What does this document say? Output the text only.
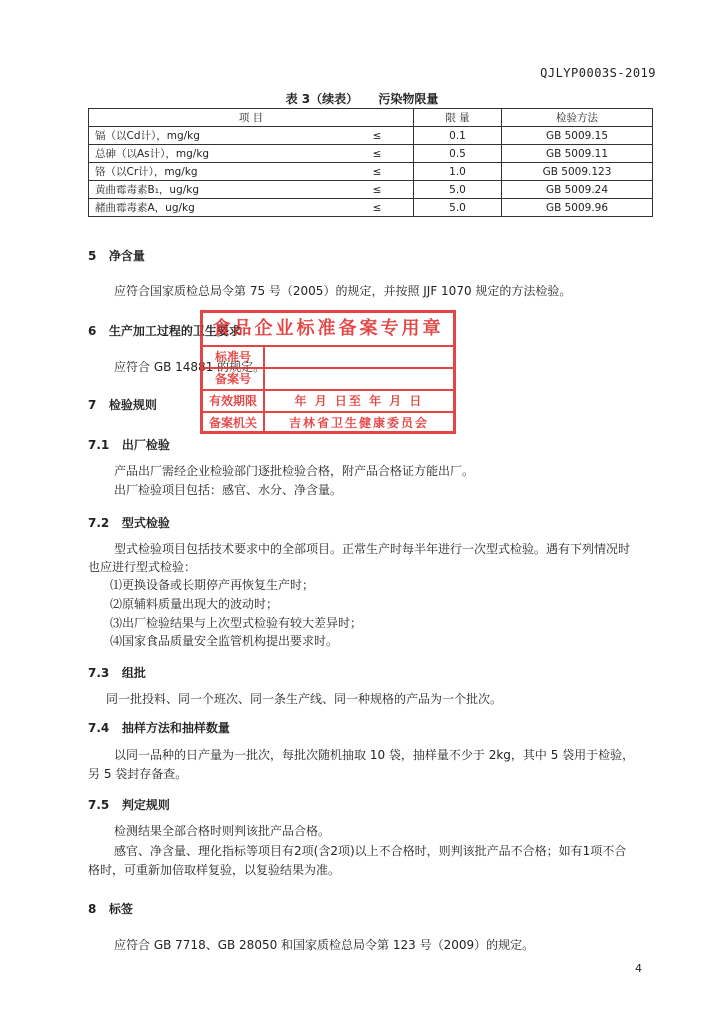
QJLYP0003S-2019
表 3（续表） 污染物限量
项 目		限 量	检验方法
镉（以Cd计），mg/kg	≤	0.1	GB 5009.15
总砷（以As计），mg/kg	≤	0.5	GB 5009.11
铬（以Cr计），mg/kg	≤	1.0	GB 5009.123
黄曲霉毒素B₁，ug/kg	≤	5.0	GB 5009.24
赭曲霉毒素A，ug/kg	≤	5.0	GB 5009.96
5 净含量
应符合国家质检总局令第 75 号（2005）的规定，并按照 JJF 1070 规定的方法检验。
6 生产加工过程的卫生要求
应符合 GB 14881 的规定。
7 检验规则
7.1 出厂检验
产品出厂需经企业检验部门逐批检验合格，附产品合格证方能出厂。
出厂检验项目包括：感官、水分、净含量。
7.2 型式检验
型式检验项目包括技术要求中的全部项目。正常生产时每半年进行一次型式检验。遇有下列情况时
也应进行型式检验：
⑴更换设备或长期停产再恢复生产时；
⑵原辅料质量出现大的波动时；
⑶出厂检验结果与上次型式检验有较大差异时；
⑷国家食品质量安全监管机构提出要求时。
7.3 组批
同一批投料、同一个班次、同一条生产线、同一种规格的产品为一个批次。
7.4 抽样方法和抽样数量
以同一品种的日产量为一批次，每批次随机抽取 10 袋，抽样量不少于 2kg，其中 5 袋用于检验，
另 5 袋封存备查。
7.5 判定规则
检测结果全部合格时则判该批产品合格。
感官、净含量、理化指标等项目有2项(含2项)以上不合格时，则判该批产品不合格；如有1项不合
格时，可重新加倍取样复验，以复验结果为准。
8 标签
应符合 GB 7718、GB 28050 和国家质检总局令第 123 号（2009）的规定。
食品企业标准备案专用章
标准号
备案号
有效期限	年 月 日至 年 月 日
备案机关	吉林省卫生健康委员会
4
